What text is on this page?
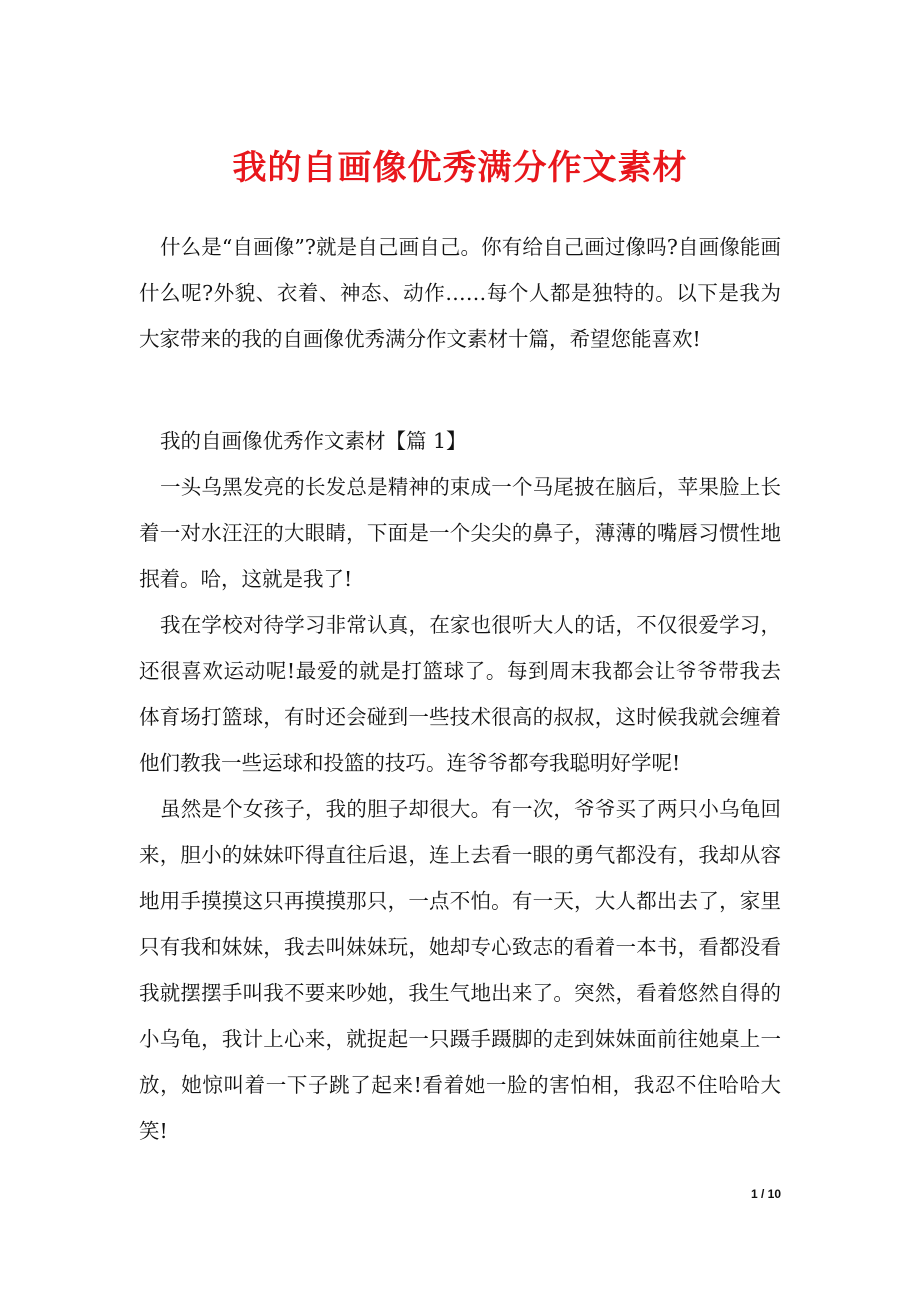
我的自画像优秀满分作文素材

什么是“自画像”?就是自己画自己。你有给自己画过像吗?自画像能画什么呢?外貌、衣着、神态、动作……每个人都是独特的。以下是我为大家带来的我的自画像优秀满分作文素材十篇，希望您能喜欢!

我的自画像优秀作文素材【篇 1】

一头乌黑发亮的长发总是精神的束成一个马尾披在脑后，苹果脸上长着一对水汪汪的大眼睛，下面是一个尖尖的鼻子，薄薄的嘴唇习惯性地抿着。哈，这就是我了!

我在学校对待学习非常认真，在家也很听大人的话，不仅很爱学习，还很喜欢运动呢!最爱的就是打篮球了。每到周末我都会让爷爷带我去体育场打篮球，有时还会碰到一些技术很高的叔叔，这时候我就会缠着他们教我一些运球和投篮的技巧。连爷爷都夸我聪明好学呢!

虽然是个女孩子，我的胆子却很大。有一次，爷爷买了两只小乌龟回来，胆小的妹妹吓得直往后退，连上去看一眼的勇气都没有，我却从容地用手摸摸这只再摸摸那只，一点不怕。有一天，大人都出去了，家里只有我和妹妹，我去叫妹妹玩，她却专心致志的看着一本书，看都没看我就摆摆手叫我不要来吵她，我生气地出来了。突然，看着悠然自得的小乌龟，我计上心来，就捉起一只蹑手蹑脚的走到妹妹面前往她桌上一放，她惊叫着一下子跳了起来!看着她一脸的害怕相，我忍不住哈哈大笑!

1 / 10
